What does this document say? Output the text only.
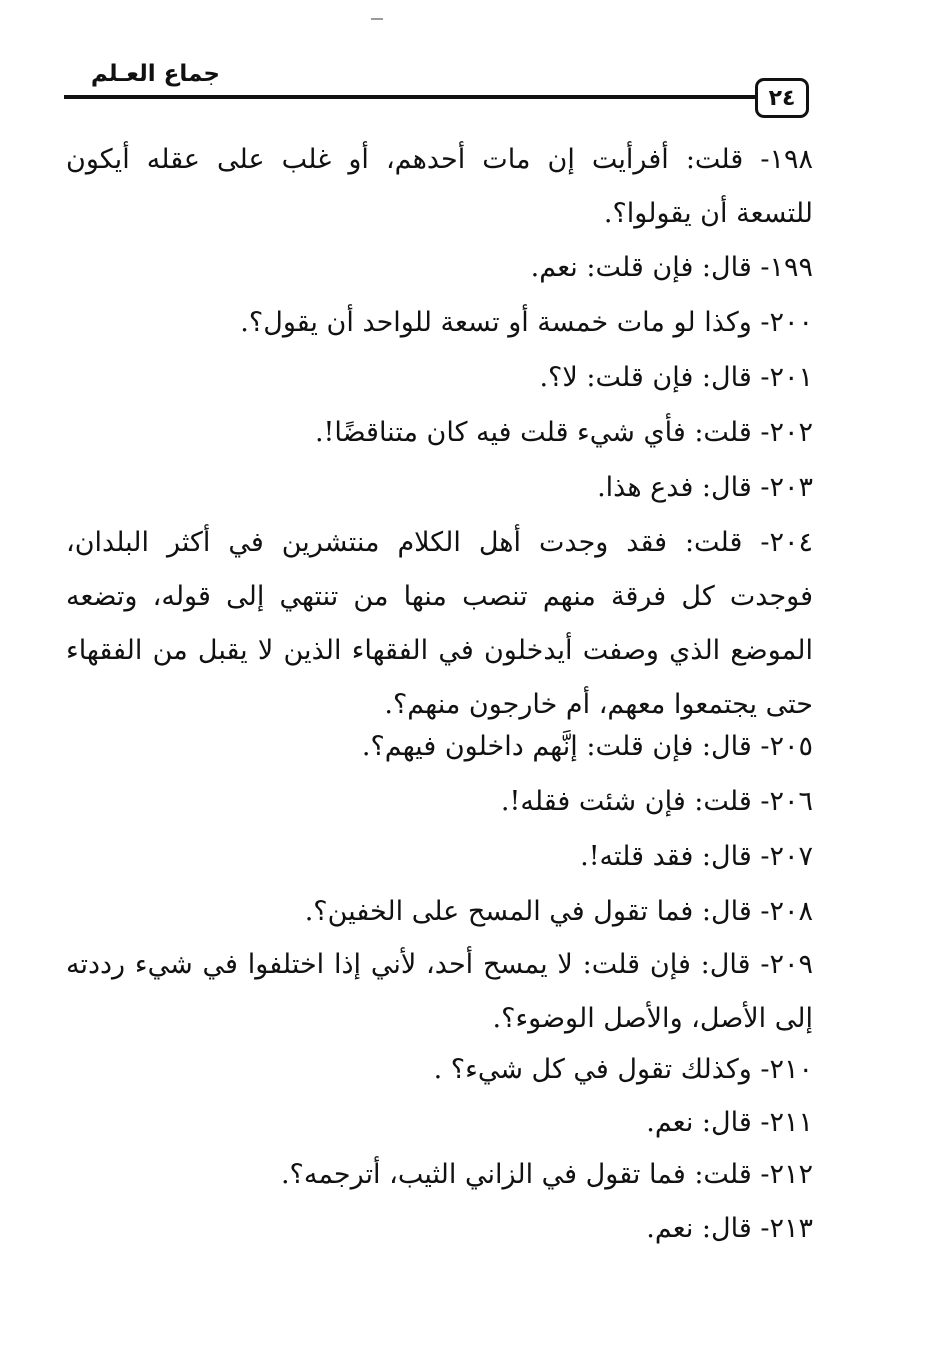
جماع العـلم
٢٤

١٩٨- قلت: أفرأيت إن مات أحدهم، أو غلب على عقله أيكون للتسعة أن يقولوا؟.

١٩٩- قال: فإن قلت: نعم.

٢٠٠- وكذا لو مات خمسة أو تسعة للواحد أن يقول؟.

٢٠١- قال: فإن قلت: لا؟.

٢٠٢- قلت: فأي شيء قلت فيه كان متناقضًا!.

٢٠٣- قال: فدع هذا.

٢٠٤- قلت: فقد وجدت أهل الكلام منتشرين في أكثر البلدان، فوجدت كل فرقة منهم تنصب منها من تنتهي إلى قوله، وتضعه الموضع الذي وصفت أيدخلون في الفقهاء الذين لا يقبل من الفقهاء حتى يجتمعوا معهم، أم خارجون منهم؟.

٢٠٥- قال: فإن قلت: إنَّهم داخلون فيهم؟.

٢٠٦- قلت: فإن شئت فقله!.

٢٠٧- قال: فقد قلته!.

٢٠٨- قال: فما تقول في المسح على الخفين؟.

٢٠٩- قال: فإن قلت: لا يمسح أحد، لأني إذا اختلفوا في شيء رددته إلى الأصل، والأصل الوضوء؟.

٢١٠- وكذلك تقول في كل شيء؟ .

٢١١- قال: نعم.

٢١٢- قلت: فما تقول في الزاني الثيب، أترجمه؟.

٢١٣- قال: نعم.
